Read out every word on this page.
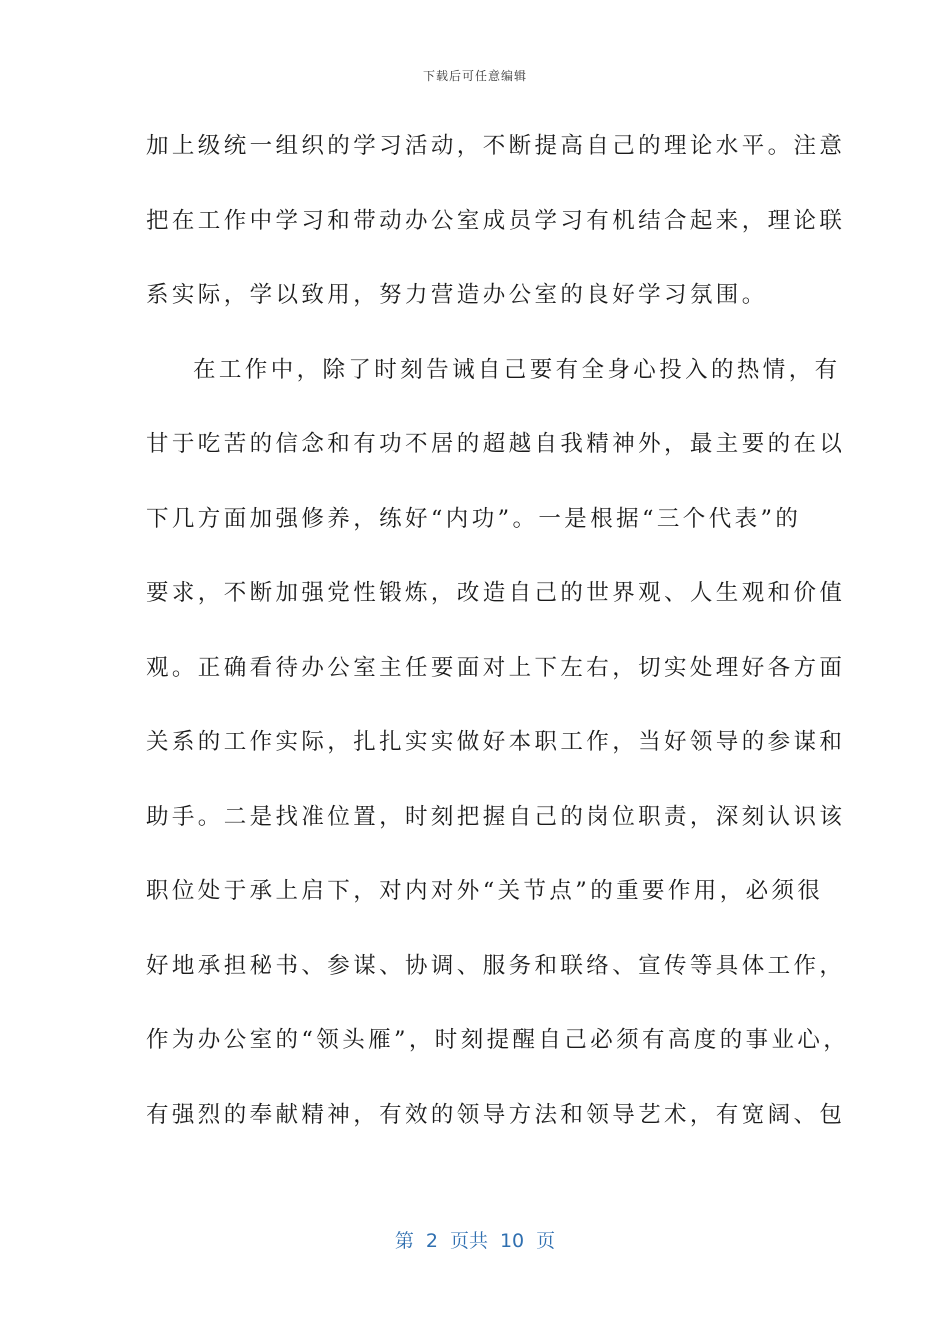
下载后可任意编辑
加上级统一组织的学习活动，不断提高自己的理论水平。注意
把在工作中学习和带动办公室成员学习有机结合起来，理论联
系实际，学以致用，努力营造办公室的良好学习氛围。
在工作中，除了时刻告诫自己要有全身心投入的热情，有
甘于吃苦的信念和有功不居的超越自我精神外，最主要的在以
下几方面加强修养，练好“内功”。一是根据“三个代表”的
要求，不断加强党性锻炼，改造自己的世界观、人生观和价值
观。正确看待办公室主任要面对上下左右，切实处理好各方面
关系的工作实际，扎扎实实做好本职工作，当好领导的参谋和
助手。二是找准位置，时刻把握自己的岗位职责，深刻认识该
职位处于承上启下，对内对外“关节点”的重要作用，必须很
好地承担秘书、参谋、协调、服务和联络、宣传等具体工作，
作为办公室的“领头雁”，时刻提醒自己必须有高度的事业心，
有强烈的奉献精神，有效的领导方法和领导艺术，有宽阔、包
第 2 页共 10 页
